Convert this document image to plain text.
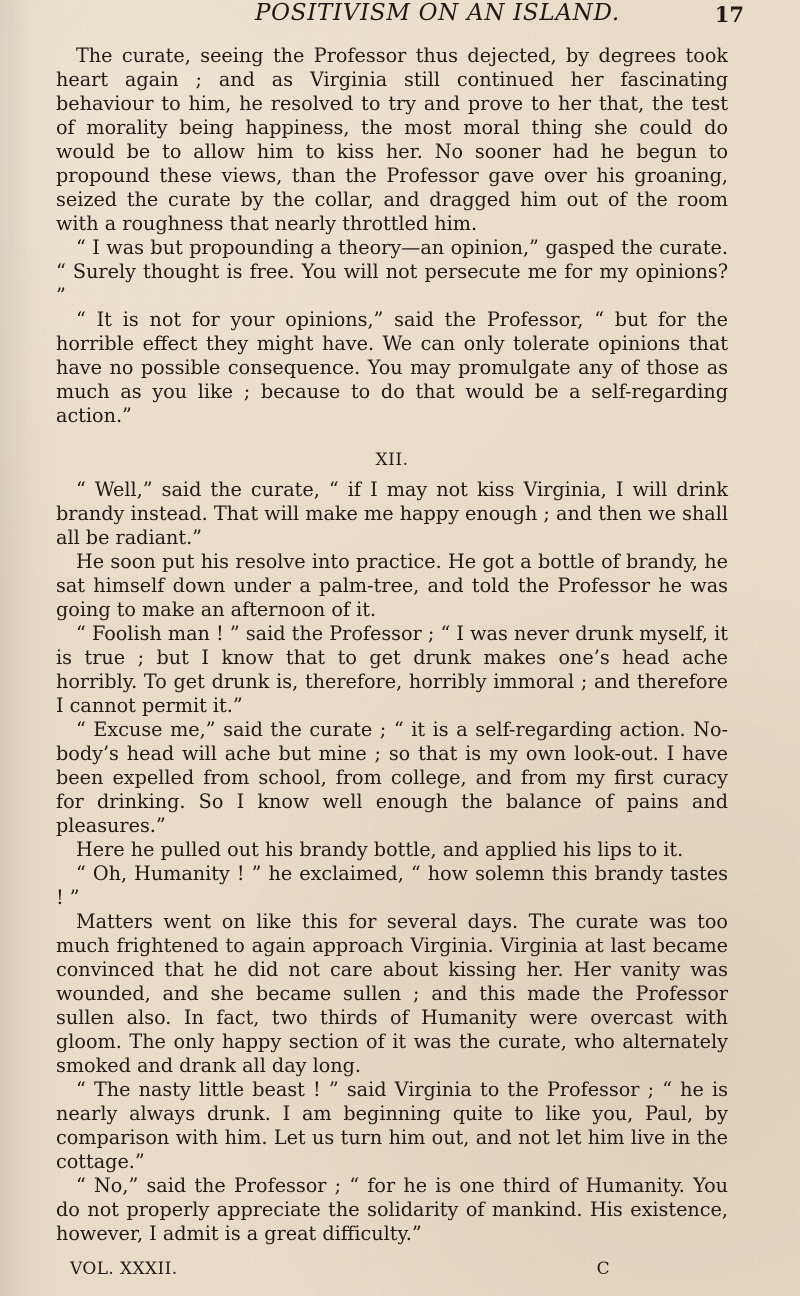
POSITIVISM ON AN ISLAND.	17

The curate, seeing the Professor thus dejected, by degrees took heart again ; and as Virginia still continued her fascinating behaviour to him, he resolved to try and prove to her that, the test of morality being happiness, the most moral thing she could do would be to allow him to kiss her. No sooner had he begun to propound these views, than the Professor gave over his groaning, seized the curate by the collar, and dragged him out of the room with a roughness that nearly throttled him.

“ I was but propounding a theory—an opinion,” gasped the curate. “ Surely thought is free. You will not persecute me for my opinions? ”

“ It is not for your opinions,” said the Professor, “ but for the horrible effect they might have. We can only tolerate opinions that have no possible consequence. You may promulgate any of those as much as you like ; because to do that would be a self-regarding action.”

XII.

“ Well,” said the curate, “ if I may not kiss Virginia, I will drink brandy instead. That will make me happy enough ; and then we shall all be radiant.”

He soon put his resolve into practice. He got a bottle of brandy, he sat himself down under a palm-tree, and told the Professor he was going to make an afternoon of it.

“ Foolish man ! ” said the Professor ; “ I was never drunk myself, it is true ; but I know that to get drunk makes one’s head ache horribly. To get drunk is, therefore, horribly immoral ; and therefore I cannot permit it.”

“ Excuse me,” said the curate ; “ it is a self-regarding action. No-body’s head will ache but mine ; so that is my own look-out. I have been expelled from school, from college, and from my first curacy for drinking. So I know well enough the balance of pains and pleasures.”

Here he pulled out his brandy bottle, and applied his lips to it.

“ Oh, Humanity ! ” he exclaimed, “ how solemn this brandy tastes ! ”

Matters went on like this for several days. The curate was too much frightened to again approach Virginia. Virginia at last became convinced that he did not care about kissing her. Her vanity was wounded, and she became sullen ; and this made the Professor sullen also. In fact, two thirds of Humanity were overcast with gloom. The only happy section of it was the curate, who alternately smoked and drank all day long.

“ The nasty little beast ! ” said Virginia to the Professor ; “ he is nearly always drunk. I am beginning quite to like you, Paul, by comparison with him. Let us turn him out, and not let him live in the cottage.”

“ No,” said the Professor ; “ for he is one third of Humanity. You do not properly appreciate the solidarity of mankind. His existence, however, I admit is a great difficulty.”

VOL. XXXII.	C
